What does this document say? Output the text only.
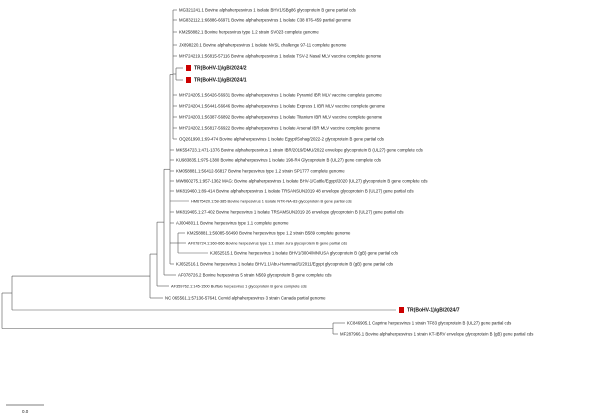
MG321241.1 Bovine alphaherpesvirus 1 isolate BHV1/SBg86 glycoprotein B gene partial cds
MG832112.1:66886-66971 Bovine alphaherpesvirus 1 isolate C38 876-459 partial genome
KM258882.1 Bovine herpesvirus type 1.2 strain SV023 complete genome
JX898220.1 Bovine alphaherpesvirus 1 isolate NVSL challenge 97-11 complete genome
MH724219.1:56815-57116 Bovine alphaherpesvirus 1 isolate TSV-2 Nasal MLV vaccine complete genome
TR(BoHV-1)/gB/2024/2
TR(BoHV-1)/gB/2024/1
MH724205.1:56426-56931 Bovine alphaherpesvirus 1 isolate Pyramid IBR MLV vaccine complete genome
MH724204.1:56441-56646 Bovine alphaherpesvirus 1 isolate Express 1 IBR MLV vaccine complete genome
MH724203.1:56387-56892 Bovine alphaherpesvirus 1 isolate Titanium IBR MLV vaccine complete genome
MH724202.1:56817-56922 Bovine alphaherpesvirus 1 isolate Arsenal IBR MLV vaccine complete genome
OQ261990.1:69-474 Bovine alphaherpesvirus 1 isolate Egypt/Sohag/2022-2 glycoprotein B gene partial cds
MK554723.1:471-1376 Bovine alphaherpesvirus 1 strain IBR/2019/DMU/2022 envelope glycoprotein B (UL27) gene complete cds
KU983835.1:975-1380 Bovine alphaherpesvirus 1 isolate 198-R4 Glycoprotein B (UL27) gene complete cds
KM058881.1:56412-56817 Bovine herpesvirus type 1.2 strain SP1777 complete genome
MW860275.1:957-1362 MAG: Bovine alphaherpesvirus 1 isolate BHV-1/Cattle/Egypt/2020 (UL27) glycoprotein B gene complete cds
MK819460.1:89-414 Bovine alphaherpesvirus 1 isolate TRSANSUN2019 48 envelope glycoprotein B (UL27) gene partial cds
HM675420.1:58-385 Bovine herpesvirus 1 isolate NTK-NA-83 glycoprotein B gene partial cds
MK819465.1:27-402 Bovine herpesvirus 1 isolate TRSAMSUN2019 26 envelope glycoprotein B (UL27) gene partial cds
AJ004801.1 Bovine herpesvirus type 1.1 complete genome
KM258881.1:56085-56490 Bovine herpesvirus type 1.2 strain B589 complete genome
AF078724.1:360-666 Bovine herpesvirus type 1.1 strain Jura glycoprotein B gene partial cds
KJ652515.1 Bovine herpesvirus 1 isolate BHV1/3004/MN/USA glycoprotein B (gB) gene partial cds
KJ652516.1 Bovine herpesvirus 1 isolate BHV1.1/Abu-Hammad/1/2011/Egypt glycoprotein B (gB) gene partial cds
AF078726.2 Bovine herpesvirus 5 strain N569 glycoprotein B gene complete cds
AF359762.1:145-1500 Buffalo herpesvirus 1 glycoprotein B gene complete cds
NC 065561.1:57136-57641 Cervid alphaherpesvirus 3 strain Canada partial genome
TR(BoHV-1)/gB/2024/7
KC846905.1 Caprine herpesvirus 1 strain TF83 glycoprotein B (UL27) gene partial cds
MF287966.1 Bovine alphaherpesvirus 1 strain KT-IBRV envelope glycoprotein B (gB) gene partial cds
0.0
